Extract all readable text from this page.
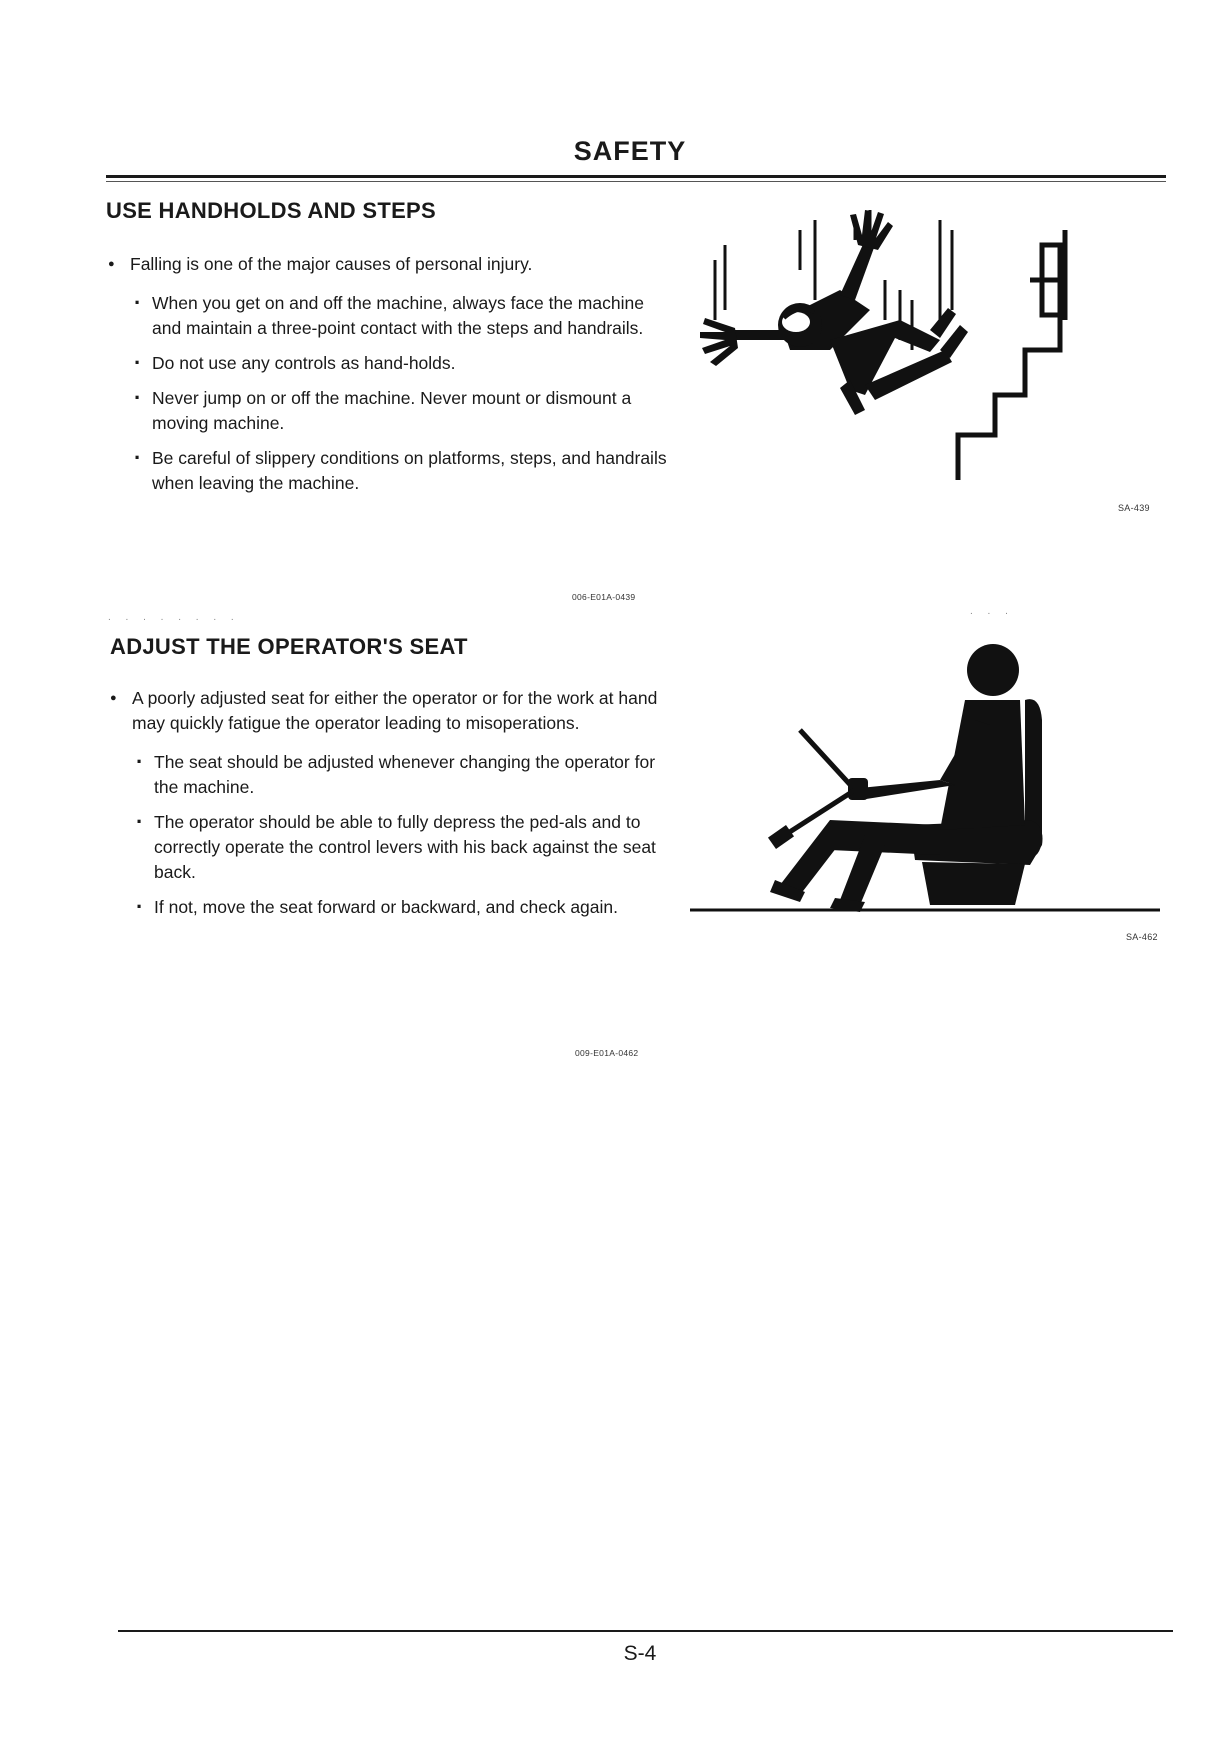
SAFETY
USE HANDHOLDS AND STEPS
● Falling is one of the major causes of personal injury.
· When you get on and off the machine, always face the machine and maintain a three-point contact with the steps and handrails.
· Do not use any controls as hand-holds.
· Never jump on or off the machine. Never mount or dismount a moving machine.
· Be careful of slippery conditions on platforms, steps, and handrails when leaving the machine.
006-E01A-0439
SA-439
. . . . . . . .
. . .
ADJUST THE OPERATOR'S SEAT
● A poorly adjusted seat for either the operator or for the work at hand may quickly fatigue the operator leading to misoperations.
· The seat should be adjusted whenever changing the operator for the machine.
· The operator should be able to fully depress the ped-als and to correctly operate the control levers with his back against the seat back.
· If not, move the seat forward or backward, and check again.
009-E01A-0462
SA-462
S-4
